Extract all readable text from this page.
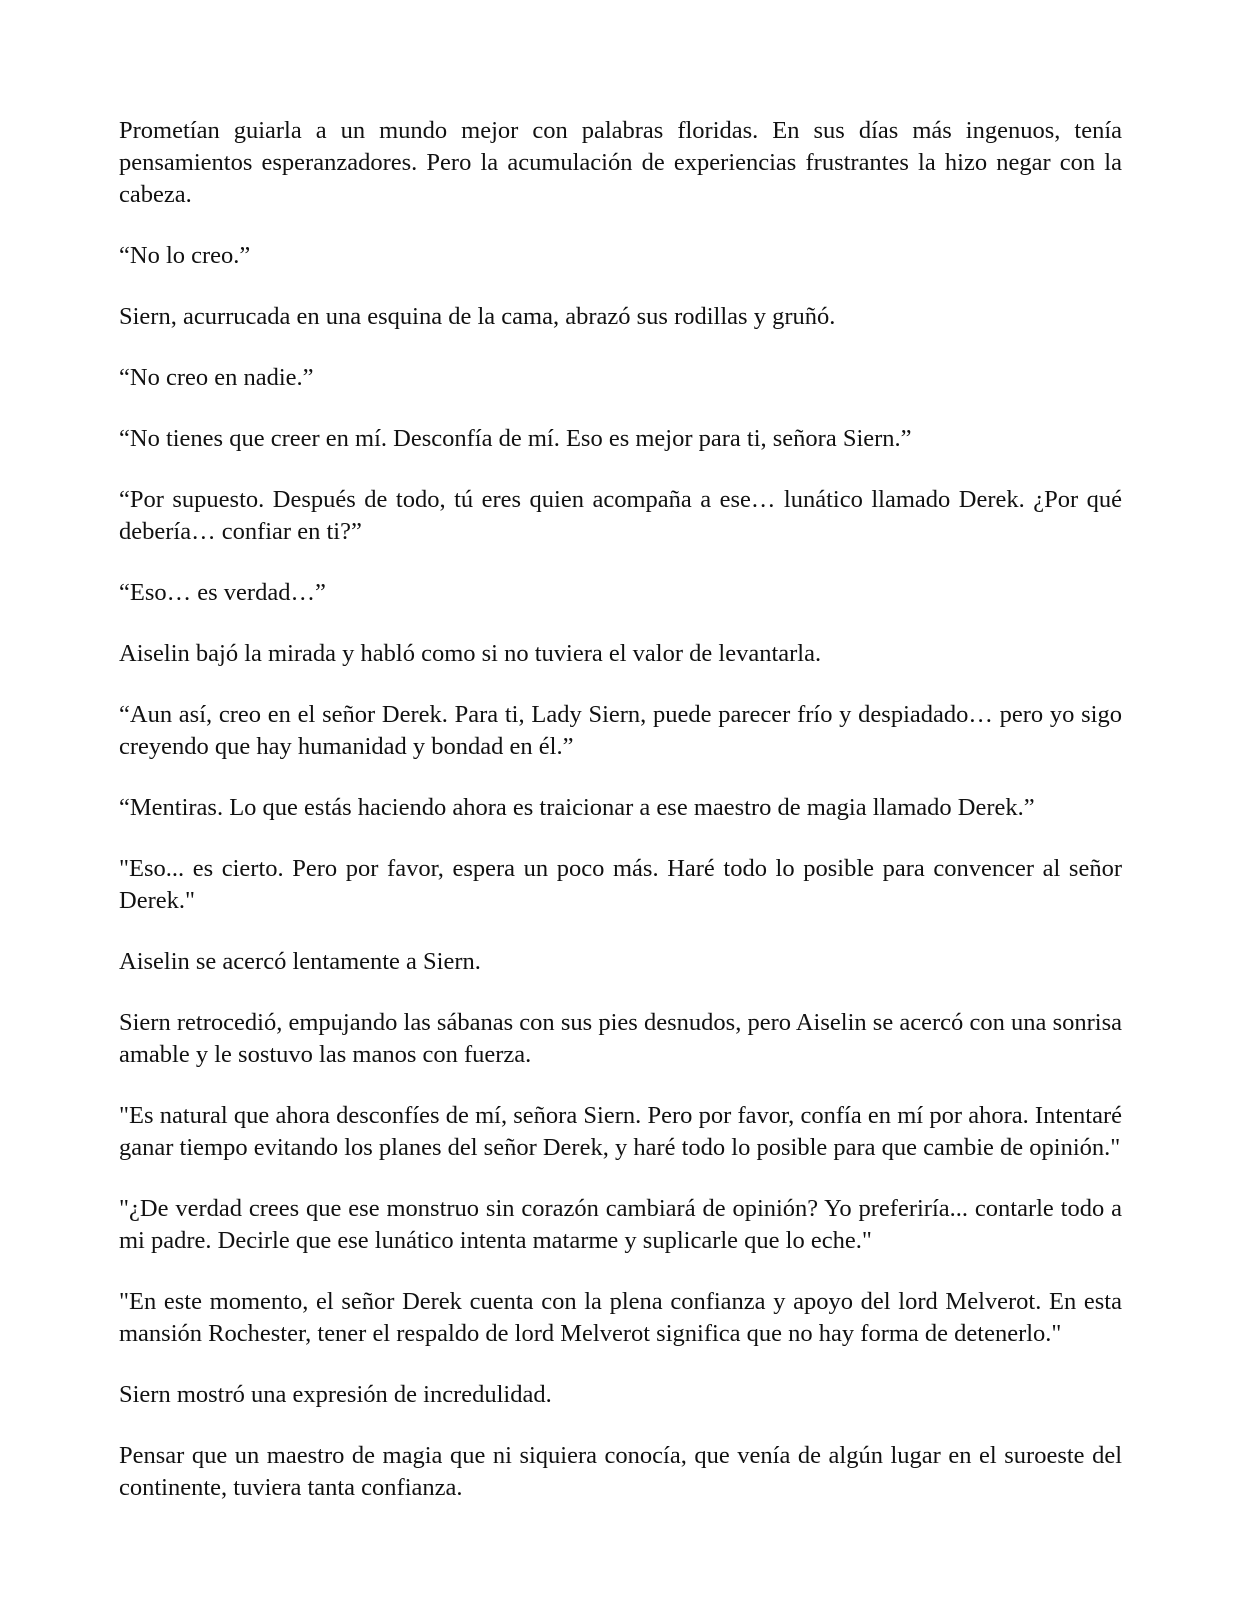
Prometían guiarla a un mundo mejor con palabras floridas. En sus días más ingenuos, tenía pensamientos esperanzadores. Pero la acumulación de experiencias frustrantes la hizo negar con la cabeza.

“No lo creo.”

Siern, acurrucada en una esquina de la cama, abrazó sus rodillas y gruñó.

“No creo en nadie.”

“No tienes que creer en mí. Desconfía de mí. Eso es mejor para ti, señora Siern.”

“Por supuesto. Después de todo, tú eres quien acompaña a ese… lunático llamado Derek. ¿Por qué debería… confiar en ti?”

“Eso… es verdad…”

Aiselin bajó la mirada y habló como si no tuviera el valor de levantarla.

“Aun así, creo en el señor Derek. Para ti, Lady Siern, puede parecer frío y despiadado… pero yo sigo creyendo que hay humanidad y bondad en él.”

“Mentiras. Lo que estás haciendo ahora es traicionar a ese maestro de magia llamado Derek.”

"Eso... es cierto. Pero por favor, espera un poco más. Haré todo lo posible para convencer al señor Derek."

Aiselin se acercó lentamente a Siern.

Siern retrocedió, empujando las sábanas con sus pies desnudos, pero Aiselin se acercó con una sonrisa amable y le sostuvo las manos con fuerza.

"Es natural que ahora desconfíes de mí, señora Siern. Pero por favor, confía en mí por ahora. Intentaré ganar tiempo evitando los planes del señor Derek, y haré todo lo posible para que cambie de opinión."

"¿De verdad crees que ese monstruo sin corazón cambiará de opinión? Yo preferiría... contarle todo a mi padre. Decirle que ese lunático intenta matarme y suplicarle que lo eche."

"En este momento, el señor Derek cuenta con la plena confianza y apoyo del lord Melverot. En esta mansión Rochester, tener el respaldo de lord Melverot significa que no hay forma de detenerlo."

Siern mostró una expresión de incredulidad.

Pensar que un maestro de magia que ni siquiera conocía, que venía de algún lugar en el suroeste del continente, tuviera tanta confianza.
